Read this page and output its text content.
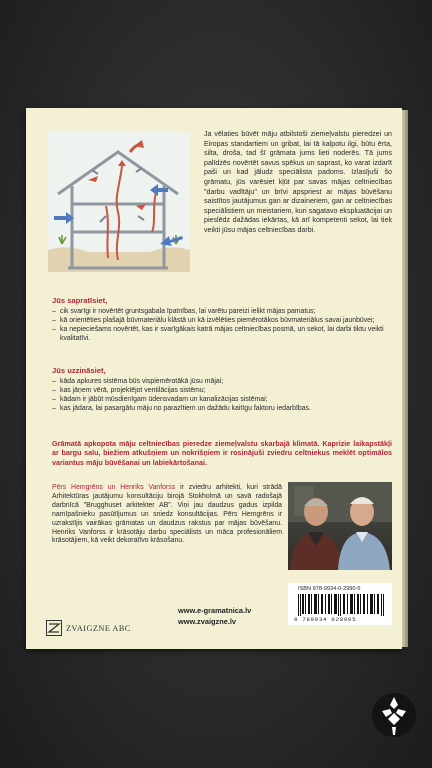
Ja vēlaties būvēt māju atbilstoši ziemeļvalstu pieredzei un Eiropas standartiem un gribat, lai tā kalpotu ilgi, būtu ērta, silta, droša, tad šī grāmata jums lieti noderēs. Tā jums palīdzēs novērtēt savus spēkus un saprast, ko varat izdarīt paši un kad jāludz speciālista padoms. Izlasījuši šo grāmatu, jūs varēsiet kļūt par savas mājas celtniecības "darbu vadītāju" un brīvi apspriest ar mājas būvēšanu saistītos jautājumus gan ar dizaineriem, gan ar celtniecības speciālistiem un meistariem, kuri sagatavo ekspluatācijai un pieslēdz dažādas iekārtas, kā arī kompetenti sekot, lai tiek veikti jūsu mājas celtniecības darbi.
Jūs sapratīsiet,
– cik svarīgi ir novērtēt gruntsgabala īpatnības, lai varētu pareizi ielikt mājas pamatus;
– kā orientēties plašajā būvmateriālu klāstā un kā izvēlēties piemērotākos būvmateriālus savai jaunbūvei;
– ka nepieciešams novērtēt, kas ir svarīgākais katrā mājas celtniecības posmā, un sekot, lai darbi tiktu veikti kvalitatīvi.
Jūs uzzināsiet,
– kāda apkures sistēma būs vispiemērotākā jūsu mājai;
– kas jāņem vērā, projektējot ventilācijas sistēmu;
– kādam ir jābūt mūsdienīgam ūdensvadam un kanalizācijas sistēmai;
– kas jādara, lai pasargātu māju no parazītiem un dažādu kaitīgu faktoru iedarbības.
Grāmatā apkopota māju celtniecības pieredze ziemeļvalstu skarbajā klimatā. Kaprizie laikapstākļi ar bargu salu, biežiem atkušņiem un nokrišņiem ir rosinājuši zviedru celtniekus meklēt optimālos variantus māju būvēšanai un labiekārtošanai.
Pērs Hemgrēns un Henriks Vanforss ir zviedru arhitekti, kuri strādā Arhitektūras jautājumu konsultāciju birojā Stokholmā un savā radošajā darbnīcā "Brugghuset arkitekter AB". Viņi jau daudzus gadus izpilda namīpašnieku pasūtījumus un sniedz konsultācijas. Pērs Hemgrēns ir uzrakstījis vairākas grāmatas un daudzus rakstus par mājas būvēšanu. Henriks Vanforss ir krāsotāju darbu speciālists un māca profesionāliem krāsotājiem, kā veikt dekoratīvo krāsošanu.
ISBN 978-9934-0-2990-5
9 789934 029905
www.e-gramatnica.lv
www.zvaigzne.lv
ZVAIGZNE ABC
